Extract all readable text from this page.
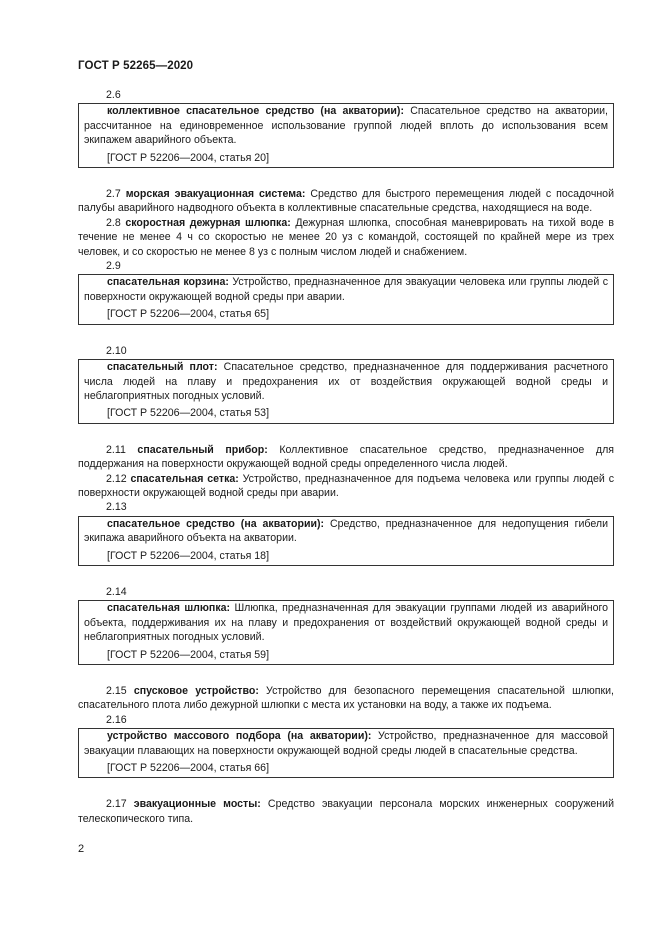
ГОСТ Р 52265—2020
2.6
коллективное спасательное средство (на акватории): Спасательное средство на акватории, рассчитанное на единовременное использование группой людей вплоть до использования всем экипажем аварийного объекта.
[ГОСТ Р 52206—2004, статья 20]
2.7 морская эвакуационная система: Средство для быстрого перемещения людей с посадочной палубы аварийного надводного объекта в коллективные спасательные средства, находящиеся на воде.
2.8 скоростная дежурная шлюпка: Дежурная шлюпка, способная маневрировать на тихой воде в течение не менее 4 ч со скоростью не менее 20 уз с командой, состоящей по крайней мере из трех человек, и со скоростью не менее 8 уз с полным числом людей и снабжением.
2.9
спасательная корзина: Устройство, предназначенное для эвакуации человека или группы людей с поверхности окружающей водной среды при аварии.
[ГОСТ Р 52206—2004, статья 65]
2.10
спасательный плот: Спасательное средство, предназначенное для поддерживания расчетного числа людей на плаву и предохранения их от воздействия окружающей водной среды и неблагоприятных погодных условий.
[ГОСТ Р 52206—2004, статья 53]
2.11 спасательный прибор: Коллективное спасательное средство, предназначенное для поддержания на поверхности окружающей водной среды определенного числа людей.
2.12 спасательная сетка: Устройство, предназначенное для подъема человека или группы людей с поверхности окружающей водной среды при аварии.
2.13
спасательное средство (на акватории): Средство, предназначенное для недопущения гибели экипажа аварийного объекта на акватории.
[ГОСТ Р 52206—2004, статья 18]
2.14
спасательная шлюпка: Шлюпка, предназначенная для эвакуации группами людей из аварийного объекта, поддерживания их на плаву и предохранения от воздействий окружающей водной среды и неблагоприятных погодных условий.
[ГОСТ Р 52206—2004, статья 59]
2.15 спусковое устройство: Устройство для безопасного перемещения спасательной шлюпки, спасательного плота либо дежурной шлюпки с места их установки на воду, а также их подъема.
2.16
устройство массового подбора (на акватории): Устройство, предназначенное для массовой эвакуации плавающих на поверхности окружающей водной среды людей в спасательные средства.
[ГОСТ Р 52206—2004, статья 66]
2.17 эвакуационные мосты: Средство эвакуации персонала морских инженерных сооружений телескопического типа.
2
